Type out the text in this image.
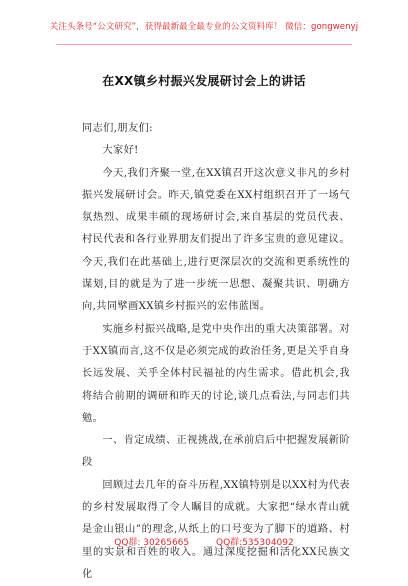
关注头条号“公文研究”，获得最新最全最专业的公文资料库！ 微信：gongwenyj
在XX镇乡村振兴发展研讨会上的讲话

同志们,朋友们:

大家好!

今天,我们齐聚一堂,在XX镇召开这次意义非凡的乡村振兴发展研讨会。昨天,镇党委在XX村组织召开了一场气氛热烈、成果丰硕的现场研讨会,来自基层的党员代表、村民代表和各行业界朋友们提出了许多宝贵的意见建议。今天,我们在此基础上,进行更深层次的交流和更系统性的谋划,目的就是为了进一步统一思想、凝聚共识、明确方向,共同擘画XX镇乡村振兴的宏伟蓝图。

实施乡村振兴战略,是党中央作出的重大决策部署。对于XX镇而言,这不仅是必须完成的政治任务,更是关乎自身长远发展、关乎全体村民福祉的内生需求。借此机会,我将结合前期的调研和昨天的讨论,谈几点看法,与同志们共勉。

一、肯定成绩、正视挑战,在承前启后中把握发展新阶段

回顾过去几年的奋斗历程,XX镇特别是以XX村为代表的乡村发展取得了令人瞩目的成就。大家把“绿水青山就是金山银山”的理念,从纸上的口号变为了脚下的道路、村里的实景和百姓的收入。通过深度挖掘和活化XX民族文化

QQ群: 30265665	QQ群:535304092
